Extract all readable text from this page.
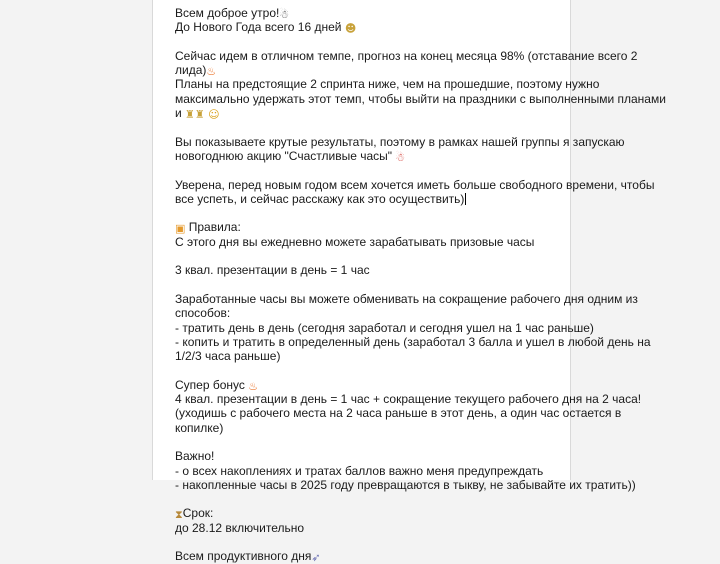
Всем доброе утро!☃
До Нового Года всего 16 дней ☻
Сейчас идем в отличном темпе, прогноз на конец месяца 98% (отставание всего 2
лида)♨
Планы на предстоящие 2 спринта ниже, чем на прошедшие, поэтому нужно
максимально удержать этот темп, чтобы выйти на праздники с выполненными планами
и ♜♜ ☺
Вы показываете крутые результаты, поэтому в рамках нашей группы я запускаю
новогоднюю акцию "Счастливые часы" ☃
Уверена, перед новым годом всем хочется иметь больше свободного времени, чтобы
все успеть, и сейчас расскажу как это осуществить)
▣ Правила:
С этого дня вы ежедневно можете зарабатывать призовые часы
3 квал. презентации в день = 1 час
Заработанные часы вы можете обменивать на сокращение рабочего дня одним из
способов:
- тратить день в день (сегодня заработал и сегодня ушел на 1 час раньше)
- копить и тратить в определенный день (заработал 3 балла и ушел в любой день на
1/2/3 часа раньше)
Супер бонус ♨
4 квал. презентации в день = 1 час + сокращение текущего рабочего дня на 2 часа!
(уходишь с рабочего места на 2 часа раньше в этот день, а один час остается в
копилке)
Важно!
- о всех накоплениях и тратах баллов важно меня предупреждать
- накопленные часы в 2025 году превращаются в тыкву, не забывайте их тратить))
⧗Срок:
до 28.12 включительно
Всем продуктивного дня➶
